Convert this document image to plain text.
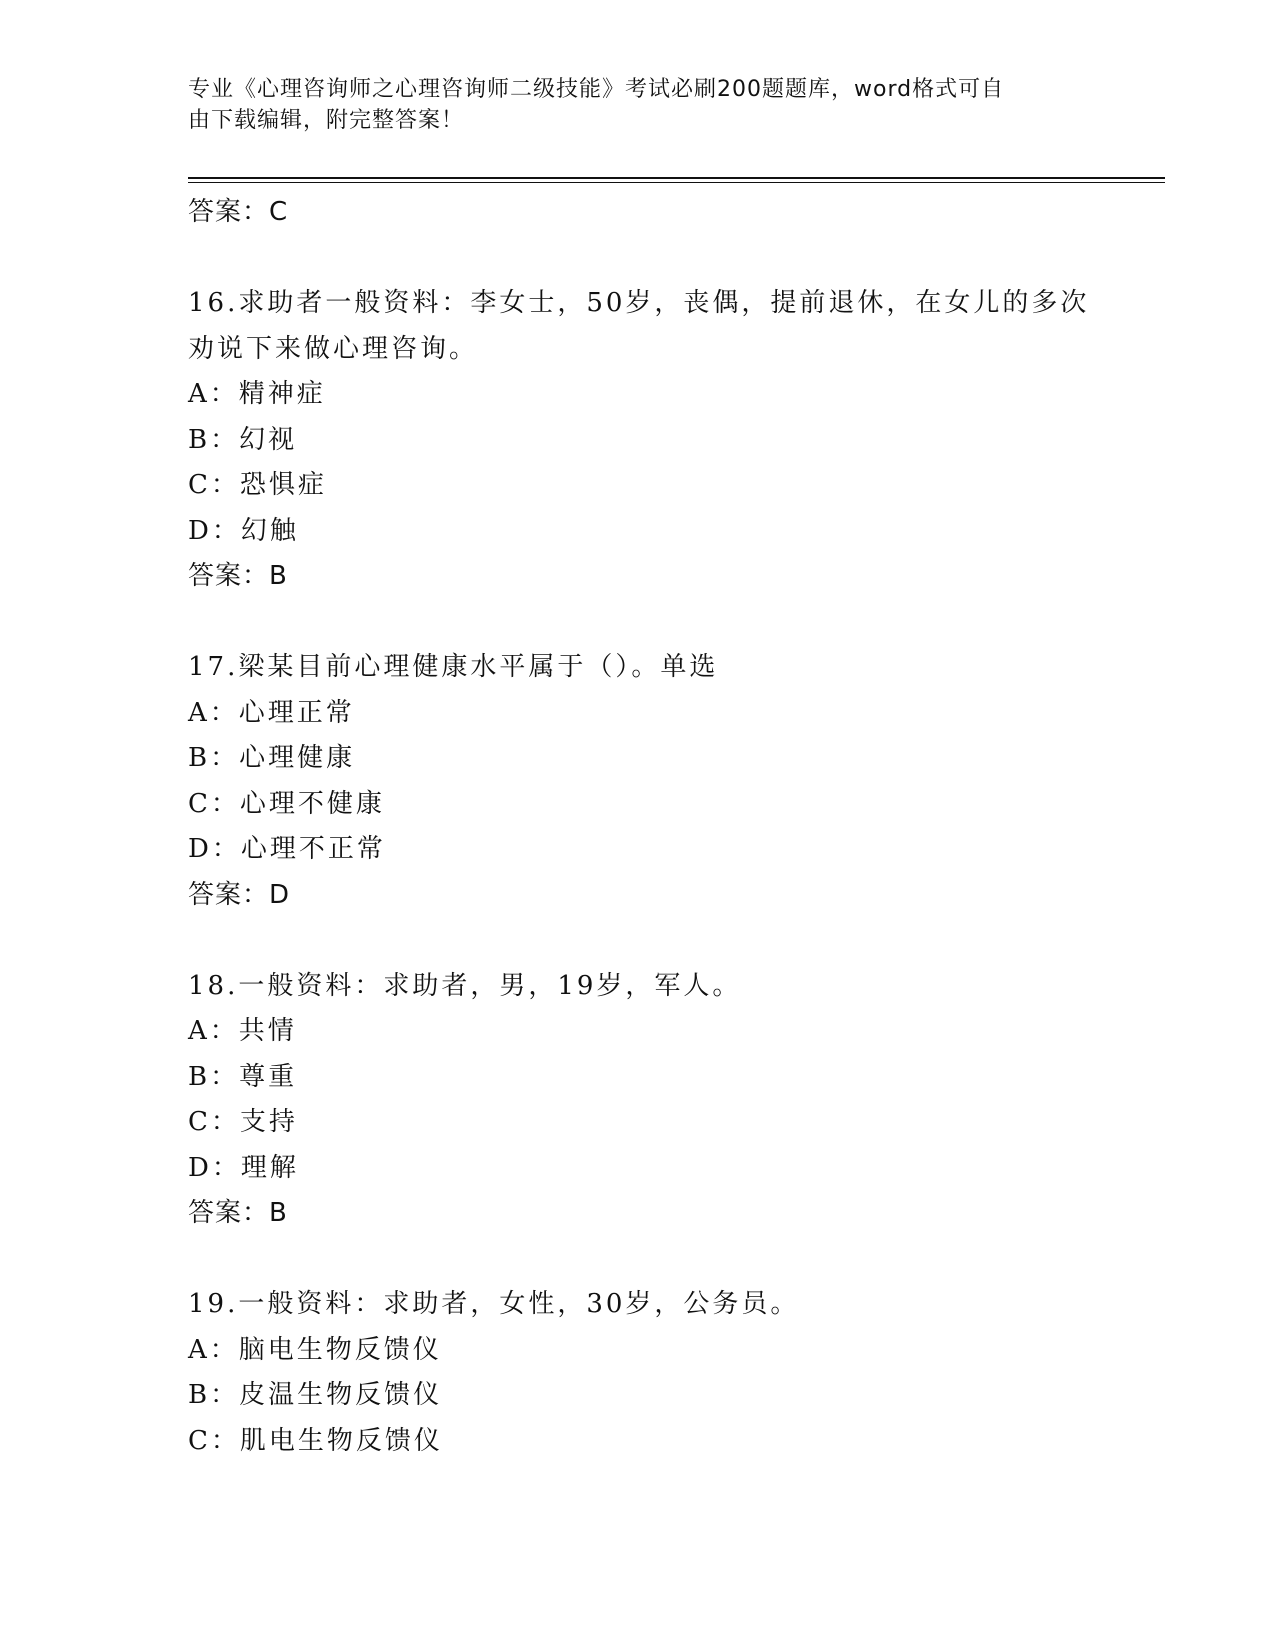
专业《心理咨询师之心理咨询师二级技能》考试必刷200题题库，word格式可自
由下载编辑，附完整答案！
答案：C
16.求助者一般资料：李女士，50岁，丧偶，提前退休，在女儿的多次
劝说下来做心理咨询。
A：精神症
B：幻视
C：恐惧症
D：幻触
答案：B
17.梁某目前心理健康水平属于（）。单选
A：心理正常
B：心理健康
C：心理不健康
D：心理不正常
答案：D
18.一般资料：求助者，男，19岁，军人。
A：共情
B：尊重
C：支持
D：理解
答案：B
19.一般资料：求助者，女性，30岁，公务员。
A：脑电生物反馈仪
B：皮温生物反馈仪
C：肌电生物反馈仪
